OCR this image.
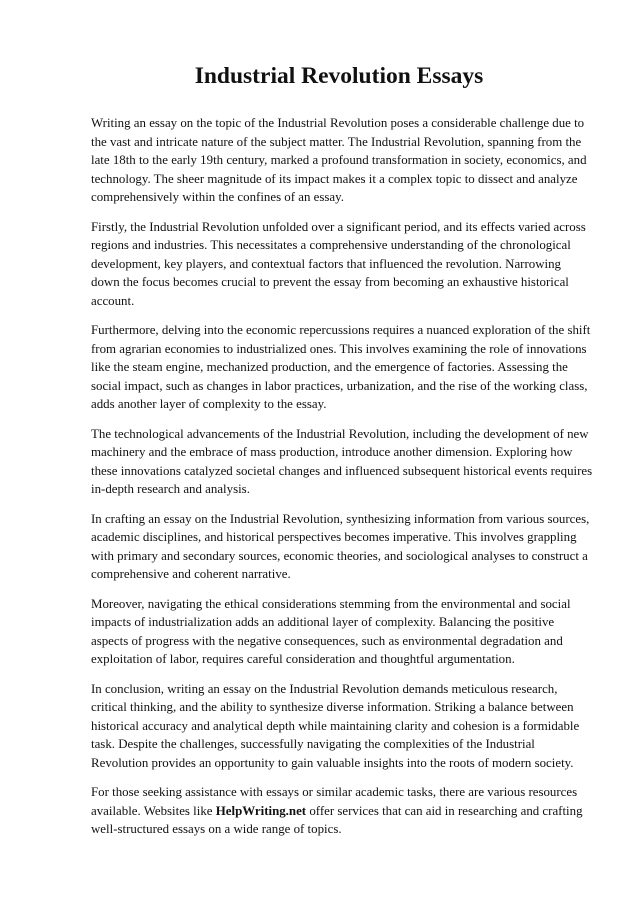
Industrial Revolution Essays

Writing an essay on the topic of the Industrial Revolution poses a considerable challenge due to
the vast and intricate nature of the subject matter. The Industrial Revolution, spanning from the
late 18th to the early 19th century, marked a profound transformation in society, economics, and
technology. The sheer magnitude of its impact makes it a complex topic to dissect and analyze
comprehensively within the confines of an essay.

Firstly, the Industrial Revolution unfolded over a significant period, and its effects varied across
regions and industries. This necessitates a comprehensive understanding of the chronological
development, key players, and contextual factors that influenced the revolution. Narrowing
down the focus becomes crucial to prevent the essay from becoming an exhaustive historical
account.

Furthermore, delving into the economic repercussions requires a nuanced exploration of the shift
from agrarian economies to industrialized ones. This involves examining the role of innovations
like the steam engine, mechanized production, and the emergence of factories. Assessing the
social impact, such as changes in labor practices, urbanization, and the rise of the working class,
adds another layer of complexity to the essay.

The technological advancements of the Industrial Revolution, including the development of new
machinery and the embrace of mass production, introduce another dimension. Exploring how
these innovations catalyzed societal changes and influenced subsequent historical events requires
in-depth research and analysis.

In crafting an essay on the Industrial Revolution, synthesizing information from various sources,
academic disciplines, and historical perspectives becomes imperative. This involves grappling
with primary and secondary sources, economic theories, and sociological analyses to construct a
comprehensive and coherent narrative.

Moreover, navigating the ethical considerations stemming from the environmental and social
impacts of industrialization adds an additional layer of complexity. Balancing the positive
aspects of progress with the negative consequences, such as environmental degradation and
exploitation of labor, requires careful consideration and thoughtful argumentation.

In conclusion, writing an essay on the Industrial Revolution demands meticulous research,
critical thinking, and the ability to synthesize diverse information. Striking a balance between
historical accuracy and analytical depth while maintaining clarity and cohesion is a formidable
task. Despite the challenges, successfully navigating the complexities of the Industrial
Revolution provides an opportunity to gain valuable insights into the roots of modern society.

For those seeking assistance with essays or similar academic tasks, there are various resources
available. Websites like HelpWriting.net offer services that can aid in researching and crafting
well-structured essays on a wide range of topics.
